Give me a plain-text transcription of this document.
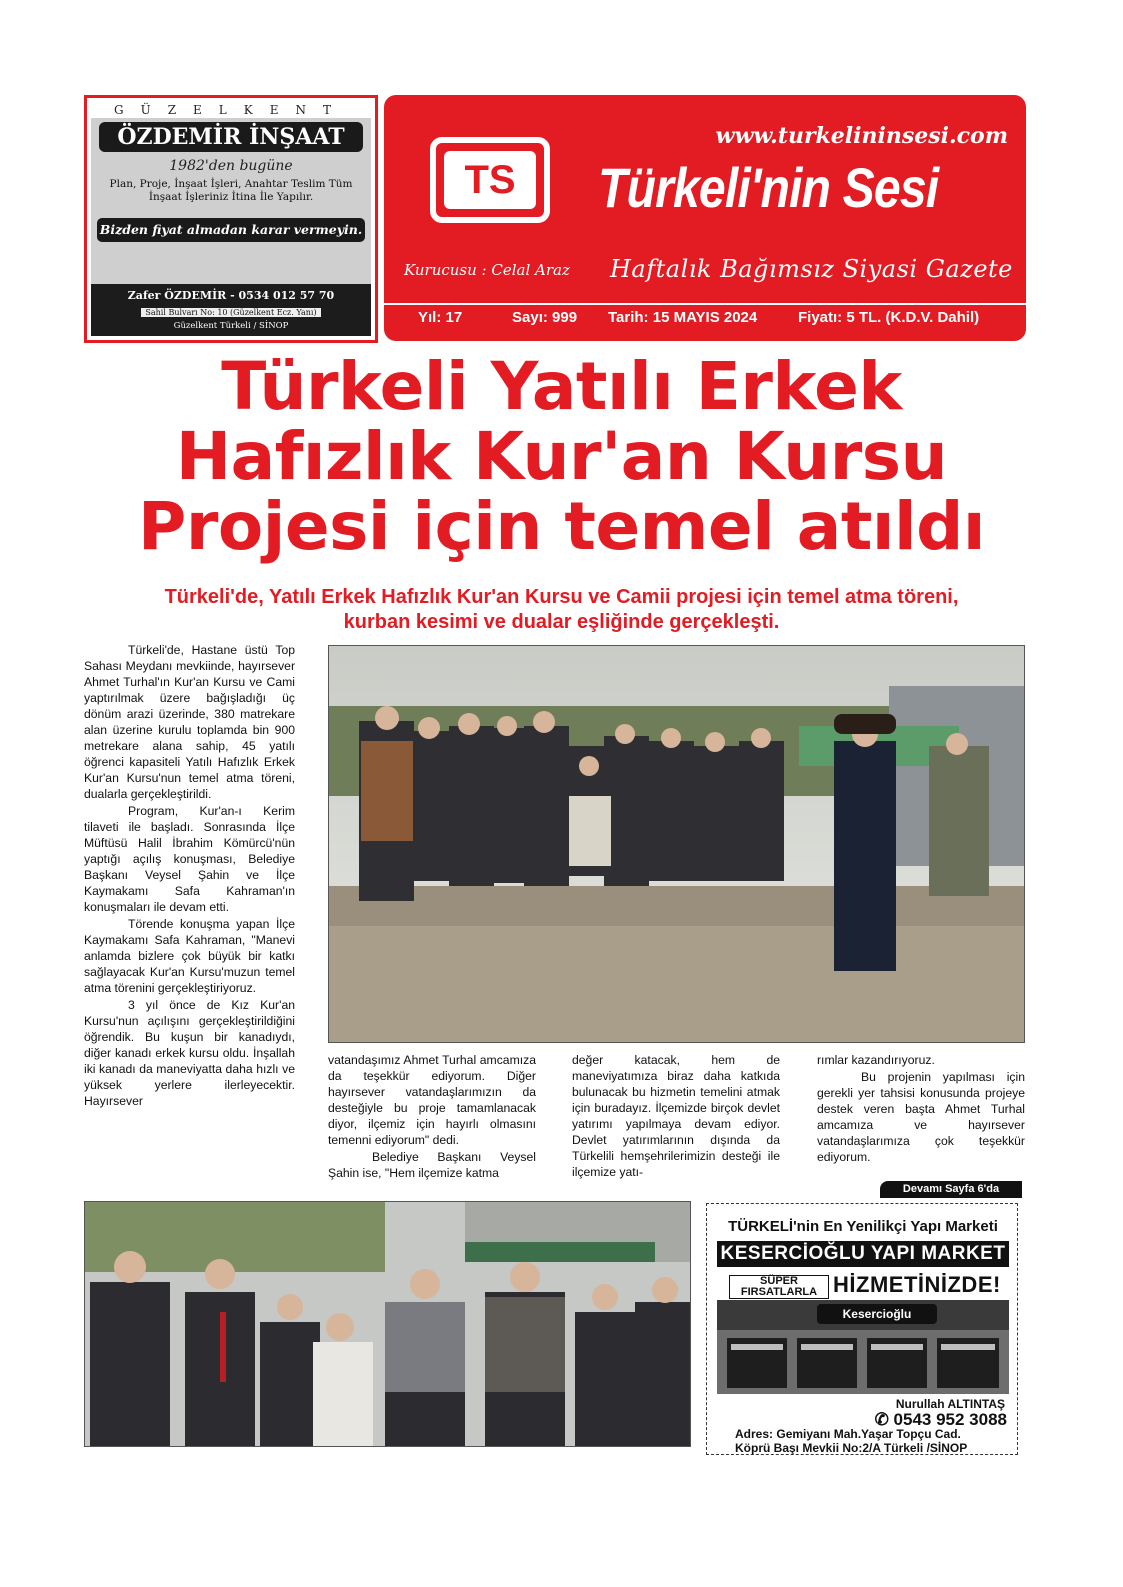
GÜZELKENT
ÖZDEMİR İNŞAAT
1982'den bugüne
Plan, Proje, İnşaat İşleri, Anahtar Teslim Tüm İnşaat İşleriniz İtina İle Yapılır.
Bizden fiyat almadan karar vermeyin.
Zafer ÖZDEMİR - 0534 012 57 70
Sahil Bulvarı No: 10 (Güzelkent Ecz. Yanı)
Güzelkent Türkeli / SİNOP
www.turkelininsesi.com
TS	Türkeli'nin Sesi
Kurucusu : Celal Araz Haftalık Bağımsız Siyasi Gazete
Yıl: 17	Sayı: 999 Tarih: 15 MAYIS 2024	Fiyatı: 5 TL. (K.D.V. Dahil)
Türkeli Yatılı Erkek
Hafızlık Kur'an Kursu
Projesi için temel atıldı
Türkeli'de, Yatılı Erkek Hafızlık Kur'an Kursu ve Camii projesi için temel atma töreni,
kurban kesimi ve dualar eşliğinde gerçekleşti.

Türkeli'de, Hastane üstü Top Sahası Meydanı mevkiinde, hayırsever Ahmet Turhal'ın Kur'an Kursu ve Cami yaptırılmak üzere bağışladığı üç dönüm arazi üzerinde, 380 matrekare alan üzerine kurulu toplamda bin 900 metrekare alana sahip, 45 yatılı öğrenci kapasiteli Yatılı Hafızlık Erkek Kur'an Kursu'nun temel atma töreni, dualarla gerçekleştirildi.

Program, Kur'an-ı Kerim tilaveti ile başladı. Sonrasında İlçe Müftüsü Halil İbrahim Kömürcü'nün yaptığı açılış konuşması, Belediye Başkanı Veysel Şahin ve İlçe Kaymakamı Safa Kahraman'ın konuşmaları ile devam etti.

Törende konuşma yapan İlçe Kaymakamı Safa Kahraman, "Manevi anlamda bizlere çok büyük bir katkı sağlayacak Kur'an Kursu'muzun temel atma törenini gerçekleştiriyoruz.

3 yıl önce de Kız Kur'an Kursu'nun açılışını gerçekleştirildiğini öğrendik. Bu kuşun bir kanadıydı, diğer kanadı erkek kursu oldu. İnşallah iki kanadı da maneviyatta daha hızlı ve yüksek yerlere ilerleyecektir. Hayırsever

vatandaşımız Ahmet Turhal amcamıza da teşekkür ediyorum. Diğer hayırsever vatandaşlarımızın da desteğiyle bu proje tamamlanacak diyor, ilçemiz için hayırlı olmasını temenni ediyorum" dedi.

Belediye Başkanı Veysel Şahin ise, "Hem ilçemize katma

değer katacak, hem de maneviyatımıza biraz daha katkıda bulunacak bu hizmetin temelini atmak için buradayız. İlçemizde birçok devlet yatırımı yapılmaya devam ediyor. Devlet yatırımlarının dışında da Türkelili hemşehrilerimizin desteği ile ilçemize yatı-

rımlar kazandırıyoruz.

Bu projenin yapılması için gerekli yer tahsisi konusunda projeye destek veren başta Ahmet Turhal amcamıza ve hayırsever vatandaşlarımıza çok teşekkür ediyorum.

Devamı Sayfa 6'da
TÜRKELİ'nin En Yenilikçi Yapı Marketi
KESERCİOĞLU YAPI MARKET
SÜPER FIRSATLARLA HİZMETİNİZDE!
Kesercioğlu
Nurullah ALTINTAŞ
✆ 0543 952 3088
Adres: Gemiyanı Mah.Yaşar Topçu Cad.
Köprü Başı Mevkii No:2/A Türkeli /SİNOP
